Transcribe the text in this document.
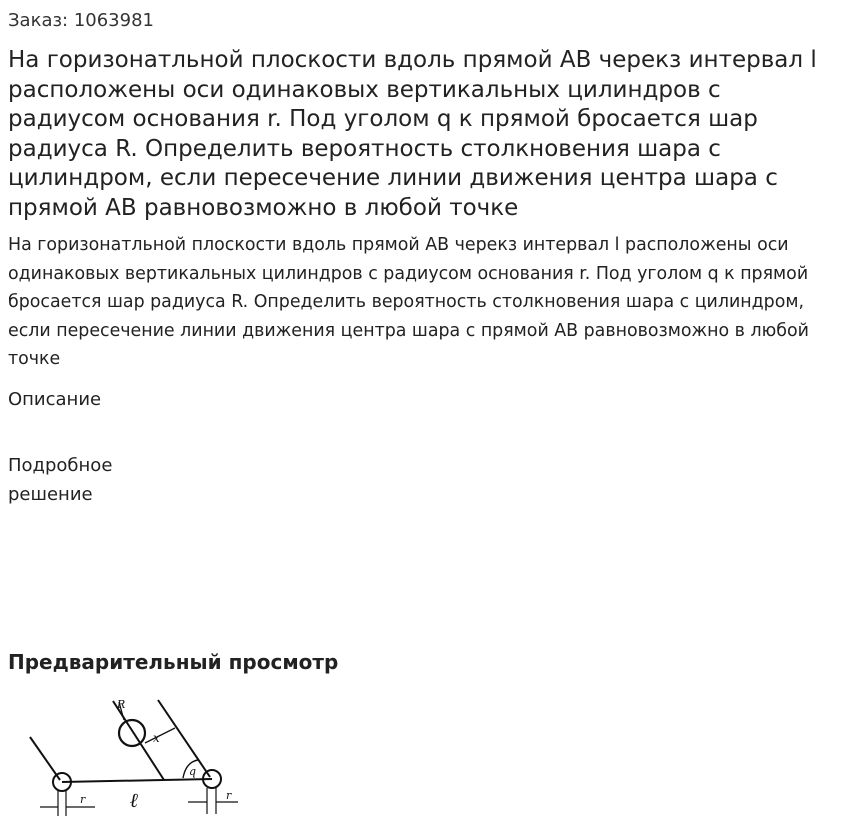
Заказ: 1063981
На горизонатльной плоскости вдоль прямой АВ черекз интервал l расположены оси одинаковых вертикальных цилиндров с радиусом основания r. Под уголом q к прямой бросается шар радиуса R. Определить вероятность столкновения шара с цилиндром, если пересечение линии движения центра шара с прямой АВ равновозможно в любой точке

На горизонатльной плоскости вдоль прямой АВ черекз интервал l расположены оси одинаковых вертикальных цилиндров с радиусом основания r. Под уголом q к прямой бросается шар радиуса R. Определить вероятность столкновения шара с цилиндром, если пересечение линии движения центра шара с прямой АВ равновозможно в любой точке

Описание
Подробное решение
Предварительный просмотр
R
x
q
r	r
ℓ
